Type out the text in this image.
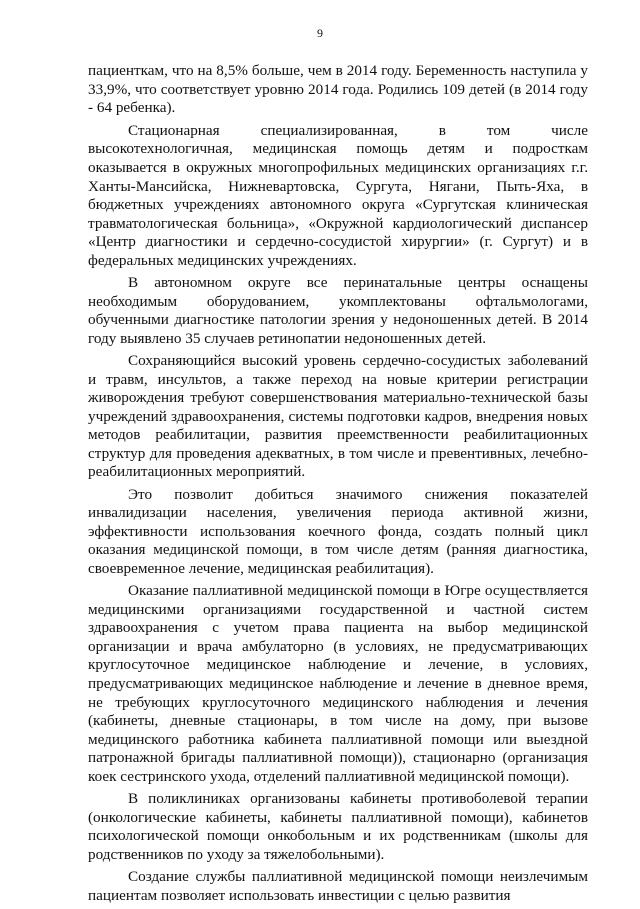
9

пациенткам, что на 8,5% больше, чем в 2014 году. Беременность наступила у 33,9%, что соответствует уровню 2014 года. Родились 109 детей (в 2014 году - 64 ребенка).

Стационарная специализированная, в том числе высокотехнологичная, медицинская помощь детям и подросткам оказывается в окружных многопрофильных медицинских организациях г.г. Ханты-Мансийска, Нижневартовска, Сургута, Нягани, Пыть-Яха, в бюджетных учреждениях автономного округа «Сургутская клиническая травматологическая больница», «Окружной кардиологический диспансер «Центр диагностики и сердечно-сосудистой хирургии» (г. Сургут) и в федеральных медицинских учреждениях.

В автономном округе все перинатальные центры оснащены необходимым оборудованием, укомплектованы офтальмологами, обученными диагностике патологии зрения у недоношенных детей. В 2014 году выявлено 35 случаев ретинопатии недоношенных детей.

Сохраняющийся высокий уровень сердечно-сосудистых заболеваний и травм, инсультов, а также переход на новые критерии регистрации живорождения требуют совершенствования материально-технической базы учреждений здравоохранения, системы подготовки кадров, внедрения новых методов реабилитации, развития преемственности реабилитационных структур для проведения адекватных, в том числе и превентивных, лечебно-реабилитационных мероприятий.

Это позволит добиться значимого снижения показателей инвалидизации населения, увеличения периода активной жизни, эффективности использования коечного фонда, создать полный цикл оказания медицинской помощи, в том числе детям (ранняя диагностика, своевременное лечение, медицинская реабилитация).

Оказание паллиативной медицинской помощи в Югре осуществляется медицинскими организациями государственной и частной систем здравоохранения с учетом права пациента на выбор медицинской организации и врача амбулаторно (в условиях, не предусматривающих круглосуточное медицинское наблюдение и лечение, в условиях, предусматривающих медицинское наблюдение и лечение в дневное время, не требующих круглосуточного медицинского наблюдения и лечения (кабинеты, дневные стационары, в том числе на дому, при вызове медицинского работника кабинета паллиативной помощи или выездной патронажной бригады паллиативной помощи)), стационарно (организация коек сестринского ухода, отделений паллиативной медицинской помощи).

В поликлиниках организованы кабинеты противоболевой терапии (онкологические кабинеты, кабинеты паллиативной помощи), кабинетов психологической помощи онкобольным и их родственникам (школы для родственников по уходу за тяжелобольными).

Создание службы паллиативной медицинской помощи неизлечимым пациентам позволяет использовать инвестиции с целью развития
